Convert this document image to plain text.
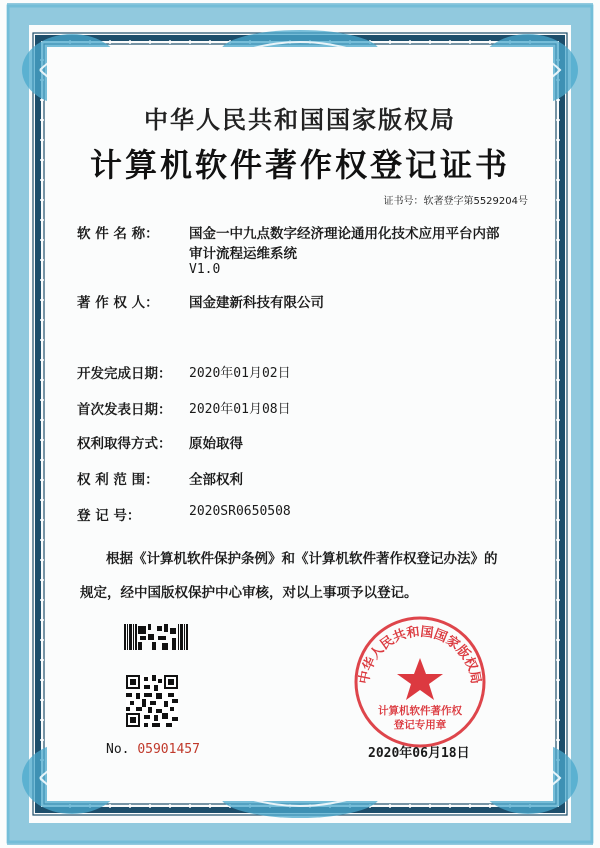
中华人民共和国国家版权局
计算机软件著作权登记证书
证书号：软著登字第5529204号
软 件 名 称： 国金一中九点数字经济理论通用化技术应用平台内部
审计流程运维系统
V1.0
著 作 权 人： 国金建新科技有限公司
开发完成日期： 2020年01月02日
首次发表日期： 2020年01月08日
权利取得方式： 原始取得
权 利 范 围： 全部权利
登 记 号：	2020SR0650508
根据《计算机软件保护条例》和《计算机软件著作权登记办法》的
规定，经中国版权保护中心审核，对以上事项予以登记。
No. 05901457
中华人民共和国国家版权局
计算机软件著作权
登记专用章
2020年06月18日
